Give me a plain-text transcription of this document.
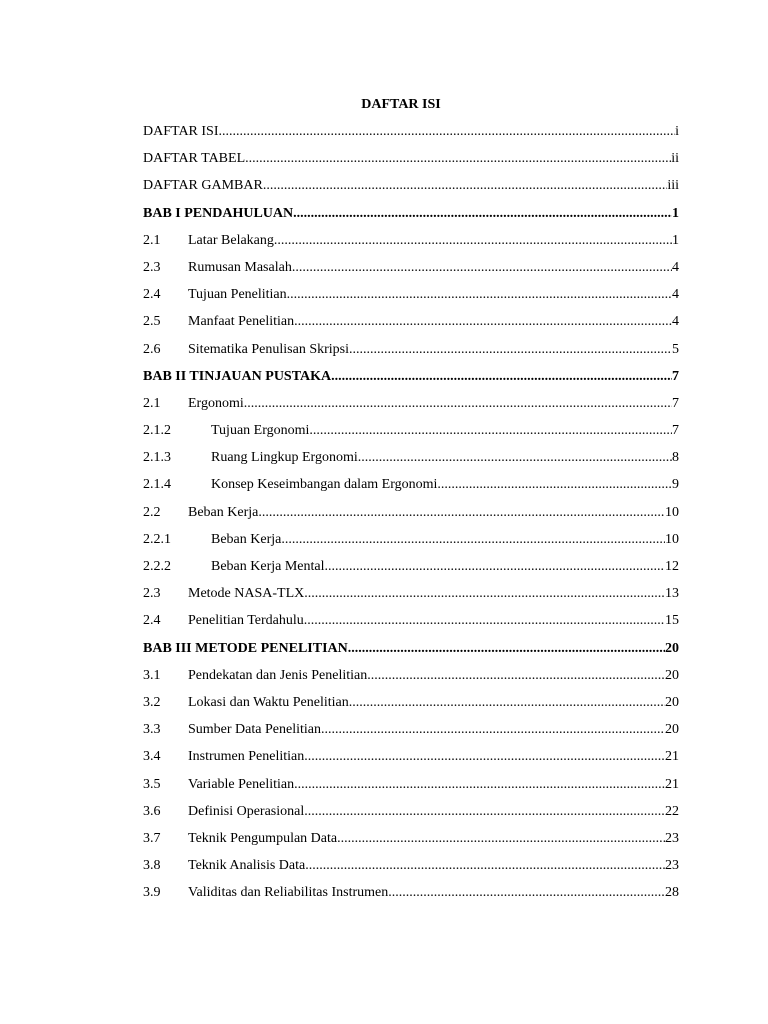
DAFTAR ISI
DAFTAR ISI .....	i
DAFTAR TABEL .....	ii
DAFTAR GAMBAR .....	iii
BAB I PENDAHULUAN .....	1
2.1	Latar Belakang .....	1
2.3	Rumusan Masalah .....	4
2.4	Tujuan Penelitian .....	4
2.5	Manfaat Penelitian .....	4
2.6	Sitematika Penulisan Skripsi .....	5
BAB II TINJAUAN PUSTAKA .....	7
2.1	Ergonomi .....	7
2.1.2	Tujuan Ergonomi .....	7
2.1.3	Ruang Lingkup Ergonomi .....	8
2.1.4	Konsep Keseimbangan dalam Ergonomi .....	9
2.2	Beban Kerja .....	10
2.2.1	Beban Kerja .....	10
2.2.2	Beban Kerja Mental .....	12
2.3	Metode NASA-TLX .....	13
2.4	Penelitian Terdahulu .....	15
BAB III METODE PENELITIAN .....	20
3.1	Pendekatan dan Jenis Penelitian .....	20
3.2	Lokasi dan Waktu Penelitian .....	20
3.3	Sumber Data Penelitian .....	20
3.4	Instrumen Penelitian .....	21
3.5	Variable Penelitian .....	21
3.6	Definisi Operasional .....	22
3.7	Teknik Pengumpulan Data .....	23
3.8	Teknik Analisis Data .....	23
3.9	Validitas dan Reliabilitas Instrumen .....	28
